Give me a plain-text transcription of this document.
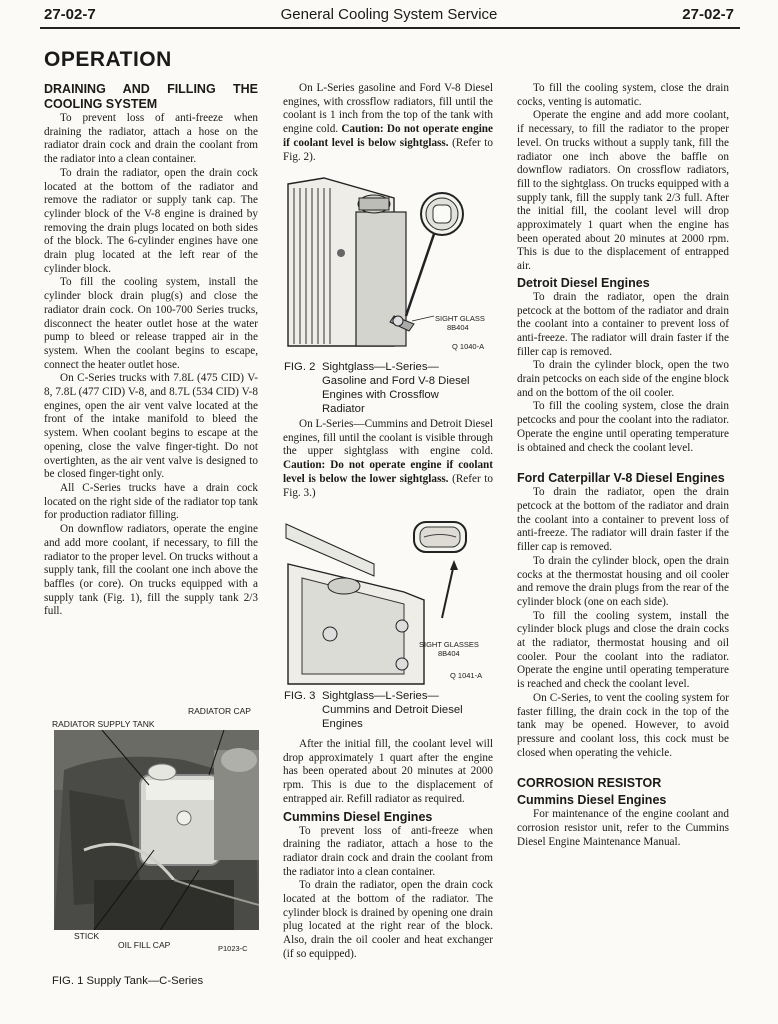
27-02-7	General Cooling System Service	27-02-7
OPERATION
DRAINING AND FILLING THE COOLING SYSTEM

To prevent loss of anti-freeze when draining the radiator, attach a hose on the radiator drain cock and drain the coolant from the radiator into a clean container.

To drain the radiator, open the drain cock located at the bottom of the radiator and remove the radiator or supply tank cap. The cylinder block of the V-8 engine is drained by removing the drain plugs located on both sides of the block. The 6-cylinder engines have one drain plug located at the left rear of the cylinder block.

To fill the cooling system, install the cylinder block drain plug(s) and close the radiator drain cock. On 100-700 Series trucks, disconnect the heater outlet hose at the water pump to bleed or release trapped air in the system. When the coolant begins to escape, connect the heater outlet hose.

On C-Series trucks with 7.8L (475 CID) V-8, 7.8L (477 CID) V-8, and 8.7L (534 CID) V-8 engines, open the air vent valve located at the front of the intake manifold to bleed the system. When coolant begins to escape at the opening, close the valve finger-tight. Do not overtighten, as the air vent valve is designed to be closed finger-tight only.

All C-Series trucks have a drain cock located on the right side of the radiator top tank for production radiator filling.

On downflow radiators, operate the engine and add more coolant, if necessary, to fill the radiator to the proper level. On trucks without a supply tank, fill the coolant one inch above the baffles (or core). On trucks equipped with a supply tank (Fig. 1), fill the supply tank 2/3 full.

RADIATOR CAP
RADIATOR SUPPLY TANK
STICK
OIL FILL CAP	P1023-C
FIG. 1 Supply Tank—C-Series

On L-Series gasoline and Ford V-8 Diesel engines, with crossflow radiators, fill until the coolant is 1 inch from the top of the tank with engine cold. Caution: Do not operate engine if coolant level is below sightglass. (Refer to Fig. 2).

SIGHT GLASS
8B404
Q 1040-A
FIG. 2 Sightglass—L-Series—
Gasoline and Ford V-8 Diesel
Engines with Crossflow
Radiator

On L-Series—Cummins and Detroit Diesel engines, fill until the coolant is visible through the upper sightglass with engine cold. Caution: Do not operate engine if coolant level is below the lower sightglass. (Refer to Fig. 3.)

SIGHT GLASSES
8B404
Q 1041-A
FIG. 3 Sightglass—L-Series—
Cummins and Detroit Diesel
Engines

After the initial fill, the coolant level will drop approximately 1 quart after the engine has been operated about 20 minutes at 2000 rpm. This is due to the displacement of entrapped air. Refill radiator as required.

Cummins Diesel Engines

To prevent loss of anti-freeze when draining the radiator, attach a hose to the radiator drain cock and drain the coolant from the radiator into a clean container.

To drain the radiator, open the drain cock located at the bottom of the radiator. The cylinder block is drained by opening one drain plug located at the right rear of the block. Also, drain the oil cooler and heat exchanger (if so equipped).

To fill the cooling system, close the drain cocks, venting is automatic.

Operate the engine and add more coolant, if necessary, to fill the radiator to the proper level. On trucks without a supply tank, fill the radiator one inch above the baffle on downflow radiators. On crossflow radiators, fill to the sightglass. On trucks equipped with a supply tank, fill the supply tank 2/3 full. After the initial fill, the coolant level will drop approximately 1 quart when the engine has been operated about 20 minutes at 2000 rpm. This is due to the displacement of entrapped air.

Detroit Diesel Engines

To drain the radiator, open the drain petcock at the bottom of the radiator and drain the coolant into a container to prevent loss of anti-freeze. The radiator will drain faster if the filler cap is removed.

To drain the cylinder block, open the two drain petcocks on each side of the engine block and on the bottom of the oil cooler.

To fill the cooling system, close the drain petcocks and pour the coolant into the radiator. Operate the engine until operating temperature is obtained and check the coolant level.

Ford Caterpillar V-8 Diesel Engines

To drain the radiator, open the drain petcock at the bottom of the radiator and drain the coolant into a container to prevent loss of anti-freeze. The radiator will drain faster if the filler cap is removed.

To drain the cylinder block, open the drain cocks at the thermostat housing and oil cooler and remove the drain plugs from the rear of the cylinder block (one on each side).

To fill the cooling system, install the cylinder block plugs and close the drain cocks at the radiator, thermostat housing and oil cooler. Pour the coolant into the radiator. Operate the engine until operating temperature is reached and check the coolant level.

On C-Series, to vent the cooling system for faster filling, the drain cock in the top of the tank may be opened. However, to avoid pressure and coolant loss, this cock must be closed when operating the vehicle.

CORROSION RESISTOR
Cummins Diesel Engines

For maintenance of the engine coolant and corrosion resistor unit, refer to the Cummins Diesel Engine Maintenance Manual.
